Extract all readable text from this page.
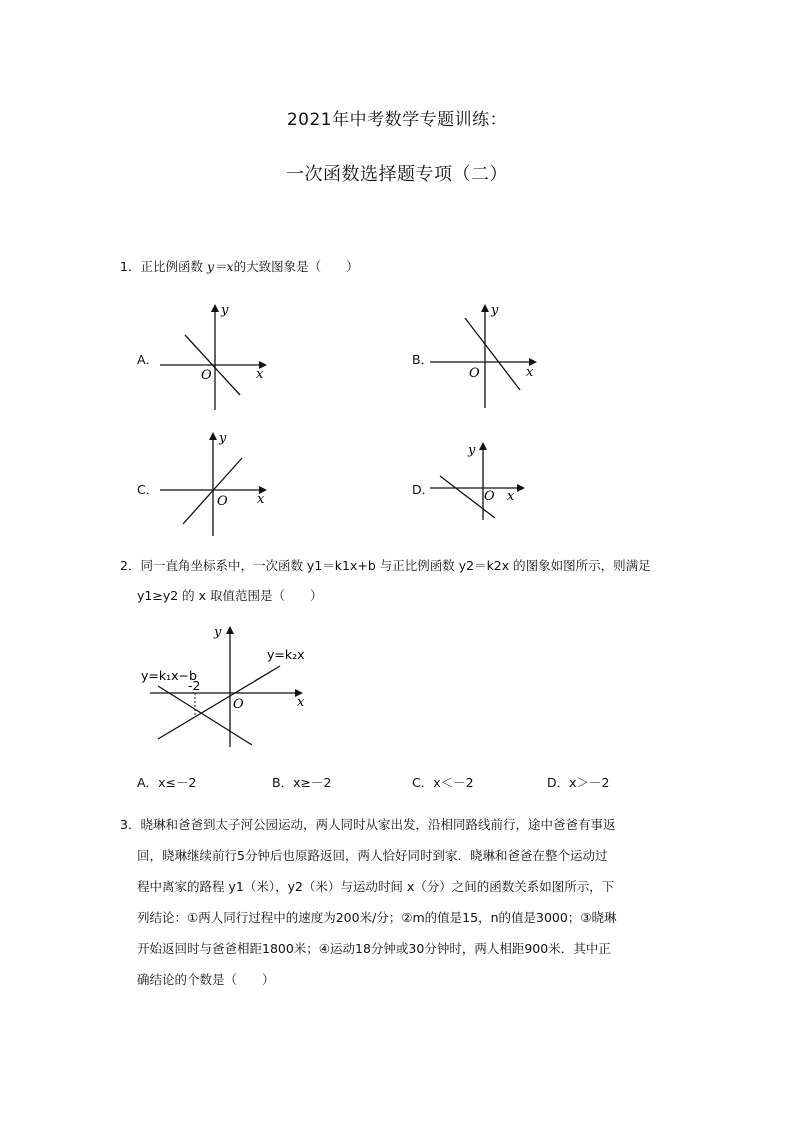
2021年中考数学专题训练：
一次函数选择题专项（二）
1．正比例函数 y＝x的大致图象是（　　）
A．
y
x
O
B．
y
x
O
C．
y
x
O
D．
y
x
O
2．同一直角坐标系中，一次函数 y1＝k1x+b 与正比例函数 y2＝k2x 的图象如图所示，则满足
y1≥y2 的 x 取值范围是（　　）
y
x
O
-2
y=k₁x−b
y=k₂x
A．x≤－2	B．x≥－2	C．x＜－2	D．x＞－2
3．晓琳和爸爸到太子河公园运动，两人同时从家出发，沿相同路线前行，途中爸爸有事返
回，晓琳继续前行5分钟后也原路返回，两人恰好同时到家．晓琳和爸爸在整个运动过
程中离家的路程 y1（米），y2（米）与运动时间 x（分）之间的函数关系如图所示，下
列结论：①两人同行过程中的速度为200米/分；②m的值是15，n的值是3000；③晓琳
开始返回时与爸爸相距1800米；④运动18分钟或30分钟时，两人相距900米．其中正
确结论的个数是（　　）
